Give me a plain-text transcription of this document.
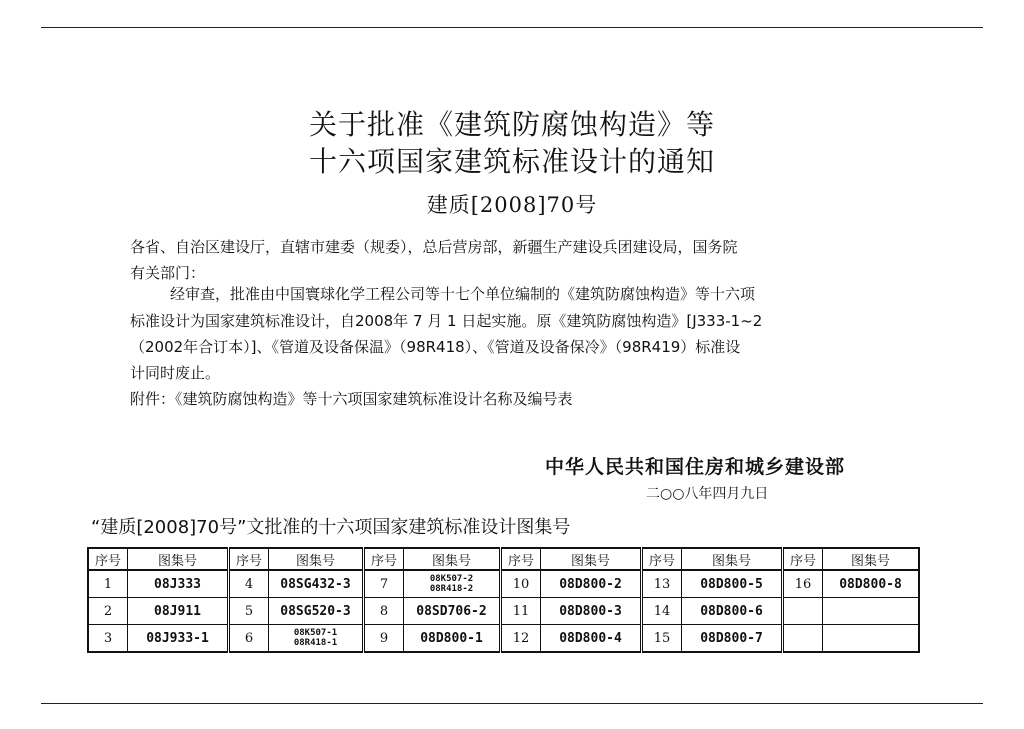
关于批准《建筑防腐蚀构造》等
十六项国家建筑标准设计的通知
建质[2008]70号
各省、自治区建设厅，直辖市建委（规委），总后营房部，新疆生产建设兵团建设局，国务院
有关部门：
经审查，批准由中国寰球化学工程公司等十七个单位编制的《建筑防腐蚀构造》等十六项
标准设计为国家建筑标准设计，自2008年 7 月 1 日起实施。原《建筑防腐蚀构造》[J333-1~2
（2002年合订本）]、《管道及设备保温》（98R418）、《管道及设备保冷》（98R419）标准设
计同时废止。
附件：《建筑防腐蚀构造》等十六项国家建筑标准设计名称及编号表
中华人民共和国住房和城乡建设部
二○○八年四月九日
“建质[2008]70号”文批准的十六项国家建筑标准设计图集号
序号	图集号	序号	图集号	序号	图集号	序号	图集号	序号	图集号	序号	图集号
1	08J333	4	08SG432-3	7	08K507-2
08R418-2	10	08D800-2	13	08D800-5	16	08D800-8
2	08J911	5	08SG520-3	8	08SD706-2	11	08D800-3	14	08D800-6		
3	08J933-1	6	08K507-1
08R418-1	9	08D800-1	12	08D800-4	15	08D800-7		
